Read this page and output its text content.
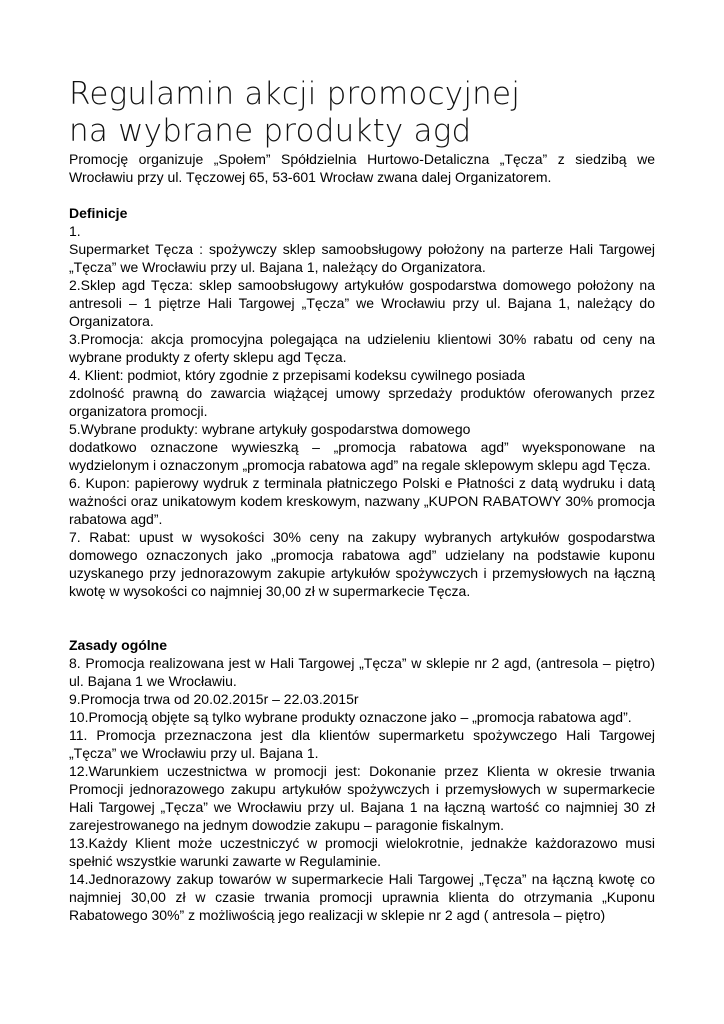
Regulamin akcji promocyjnej
na wybrane produkty agd

Promocję organizuje „Społem” Spółdzielnia Hurtowo-Detaliczna „Tęcza” z siedzibą we Wrocławiu przy ul. Tęczowej 65, 53-601 Wrocław zwana dalej Organizatorem.

Definicje

1.

Supermarket Tęcza : spożywczy sklep samoobsługowy położony na parterze Hali Targowej „Tęcza” we Wrocławiu przy ul. Bajana 1, należący do Organizatora.

2.Sklep agd Tęcza: sklep samoobsługowy artykułów gospodarstwa domowego położony na antresoli – 1 piętrze Hali Targowej „Tęcza” we Wrocławiu przy ul. Bajana 1, należący do Organizatora.

3.Promocja: akcja promocyjna polegająca na udzieleniu klientowi 30% rabatu od ceny na wybrane produkty z oferty sklepu agd Tęcza.

4. Klient: podmiot, który zgodnie z przepisami kodeksu cywilnego posiada

zdolność prawną do zawarcia wiążącej umowy sprzedaży produktów oferowanych przez organizatora promocji.

5.Wybrane produkty: wybrane artykuły gospodarstwa domowego

dodatkowo oznaczone wywieszką – „promocja rabatowa agd” wyeksponowane na wydzielonym i oznaczonym „promocja rabatowa agd” na regale sklepowym sklepu agd Tęcza.

6. Kupon: papierowy wydruk z terminala płatniczego Polski e Płatności z datą wydruku i datą ważności oraz unikatowym kodem kreskowym, nazwany „KUPON RABATOWY 30% promocja rabatowa agd”.

7. Rabat: upust w wysokości 30% ceny na zakupy wybranych artykułów gospodarstwa domowego oznaczonych jako „promocja rabatowa agd” udzielany na podstawie kuponu uzyskanego przy jednorazowym zakupie artykułów spożywczych i przemysłowych na łączną kwotę w wysokości co najmniej 30,00 zł w supermarkecie Tęcza.

Zasady ogólne

8. Promocja realizowana jest w Hali Targowej „Tęcza” w sklepie nr 2 agd, (antresola – piętro) ul. Bajana 1 we Wrocławiu.

9.Promocja trwa od 20.02.2015r – 22.03.2015r

10.Promocją objęte są tylko wybrane produkty oznaczone jako – „promocja rabatowa agd”.

11. Promocja przeznaczona jest dla klientów supermarketu spożywczego Hali Targowej „Tęcza” we Wrocławiu przy ul. Bajana 1.

12.Warunkiem uczestnictwa w promocji jest: Dokonanie przez Klienta w okresie trwania Promocji jednorazowego zakupu artykułów spożywczych i przemysłowych w supermarkecie Hali Targowej „Tęcza” we Wrocławiu przy ul. Bajana 1 na łączną wartość co najmniej 30 zł zarejestrowanego na jednym dowodzie zakupu – paragonie fiskalnym.

13.Każdy Klient może uczestniczyć w promocji wielokrotnie, jednakże każdorazowo musi spełnić wszystkie warunki zawarte w Regulaminie.

14.Jednorazowy zakup towarów w supermarkecie Hali Targowej „Tęcza” na łączną kwotę co najmniej 30,00 zł w czasie trwania promocji uprawnia klienta do otrzymania „Kuponu Rabatowego 30%” z możliwością jego realizacji w sklepie nr 2 agd ( antresola – piętro)
